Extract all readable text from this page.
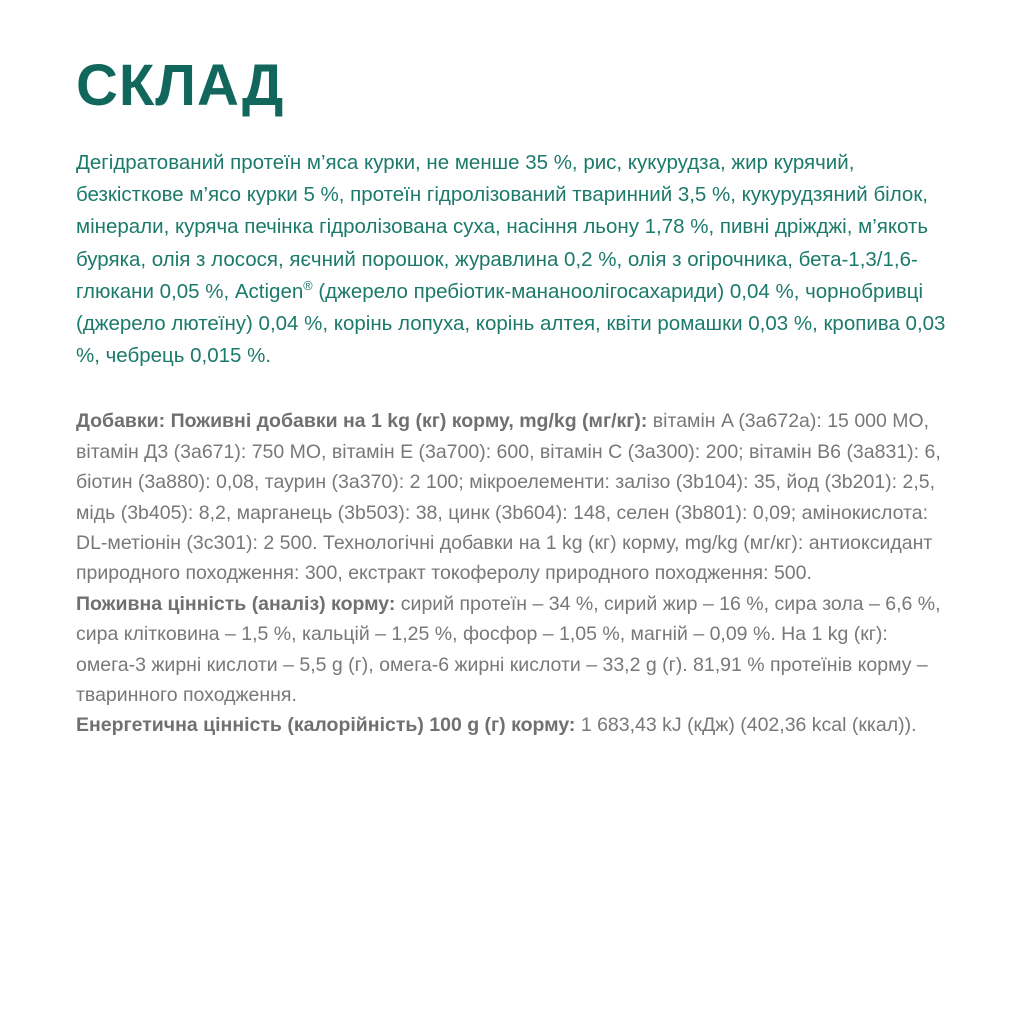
СКЛАД

Дегідратований протеїн м’яса курки, не менше 35 %, рис, кукурудза, жир курячий, безкісткове м’ясо курки 5 %, протеїн гідролізований тваринний 3,5 %, кукурудзяний білок, мінерали, куряча печінка гідролізована суха, насіння льону 1,78 %, пивні дріжджі, м’якоть буряка, олія з лосося, яєчний порошок, журавлина 0,2 %, олія з огірочника, бета-1,3/1,6-глюкани 0,05 %, Actigen® (джерело пребіотик-мананоолігосахариди) 0,04 %, чорнобривці (джерело лютеїну) 0,04 %, корінь лопуха, корінь алтея, квіти ромашки 0,03 %, кропива 0,03 %, чебрець 0,015 %.

Добавки: Поживні добавки на 1 kg (кг) корму, mg/kg (мг/кг): вітамін A (3a672a): 15 000 МО, вітамін Д3 (3a671): 750 МО, вітамін E (3a700): 600, вітамін C (3a300): 200; вітамін B6 (3a831): 6, біотин (3a880): 0,08, таурин (3a370): 2 100; мікроелементи: залізо (3b104): 35, йод (3b201): 2,5, мідь (3b405): 8,2, марганець (3b503): 38, цинк (3b604): 148, селен (3b801): 0,09; амінокислота: DL-метіонін (3c301): 2 500. Технологічні добавки на 1 kg (кг) корму, mg/kg (мг/кг): антиоксидант природного походження: 300, екстракт токоферолу природного походження: 500.

Поживна цінність (аналіз) корму: сирий протеїн – 34 %, сирий жир – 16 %, сира зола – 6,6 %, сира клітковина – 1,5 %, кальцій – 1,25 %, фосфор – 1,05 %, магній – 0,09 %. На 1 kg (кг): омега-3 жирні кислоти – 5,5 g (г), омега-6 жирні кислоти – 33,2 g (г). 81,91 % протеїнів корму – тваринного походження.

Енергетична цінність (калорійність) 100 g (г) корму: 1 683,43 kJ (кДж) (402,36 kcal (ккал)).
